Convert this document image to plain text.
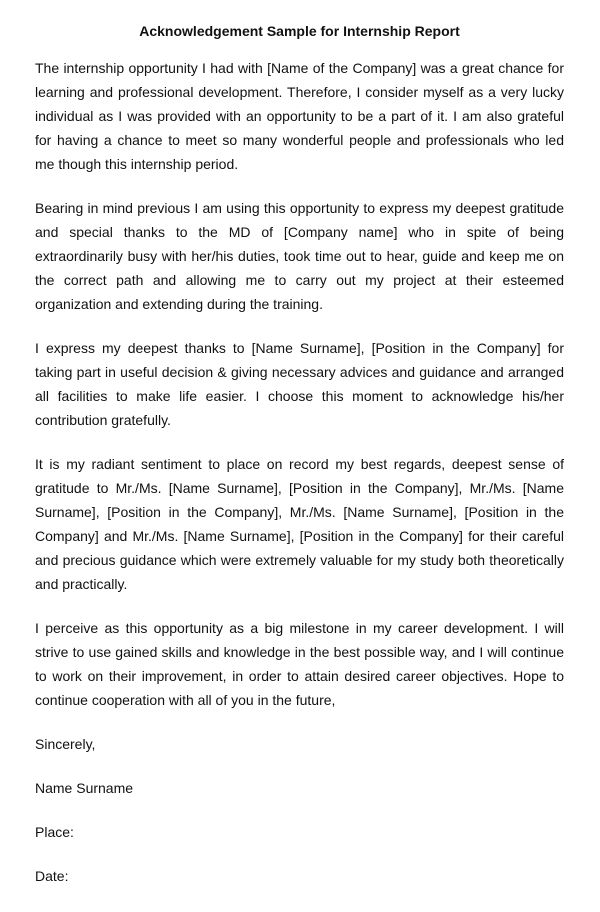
Acknowledgement Sample for Internship Report

The internship opportunity I had with [Name of the Company] was a great chance for learning and professional development. Therefore, I consider myself as a very lucky individual as I was provided with an opportunity to be a part of it. I am also grateful for having a chance to meet so many wonderful people and professionals who led me though this internship period.

Bearing in mind previous I am using this opportunity to express my deepest gratitude and special thanks to the MD of [Company name] who in spite of being extraordinarily busy with her/his duties, took time out to hear, guide and keep me on the correct path and allowing me to carry out my project at their esteemed organization and extending during the training.

I express my deepest thanks to [Name Surname], [Position in the Company] for taking part in useful decision & giving necessary advices and guidance and arranged all facilities to make life easier. I choose this moment to acknowledge his/her contribution gratefully.

It is my radiant sentiment to place on record my best regards, deepest sense of gratitude to Mr./Ms. [Name Surname], [Position in the Company], Mr./Ms. [Name Surname], [Position in the Company], Mr./Ms. [Name Surname], [Position in the Company] and Mr./Ms. [Name Surname], [Position in the Company] for their careful and precious guidance which were extremely valuable for my study both theoretically and practically.

I perceive as this opportunity as a big milestone in my career development. I will strive to use gained skills and knowledge in the best possible way, and I will continue to work on their improvement, in order to attain desired career objectives. Hope to continue cooperation with all of you in the future,

Sincerely,

Name Surname

Place:

Date:
